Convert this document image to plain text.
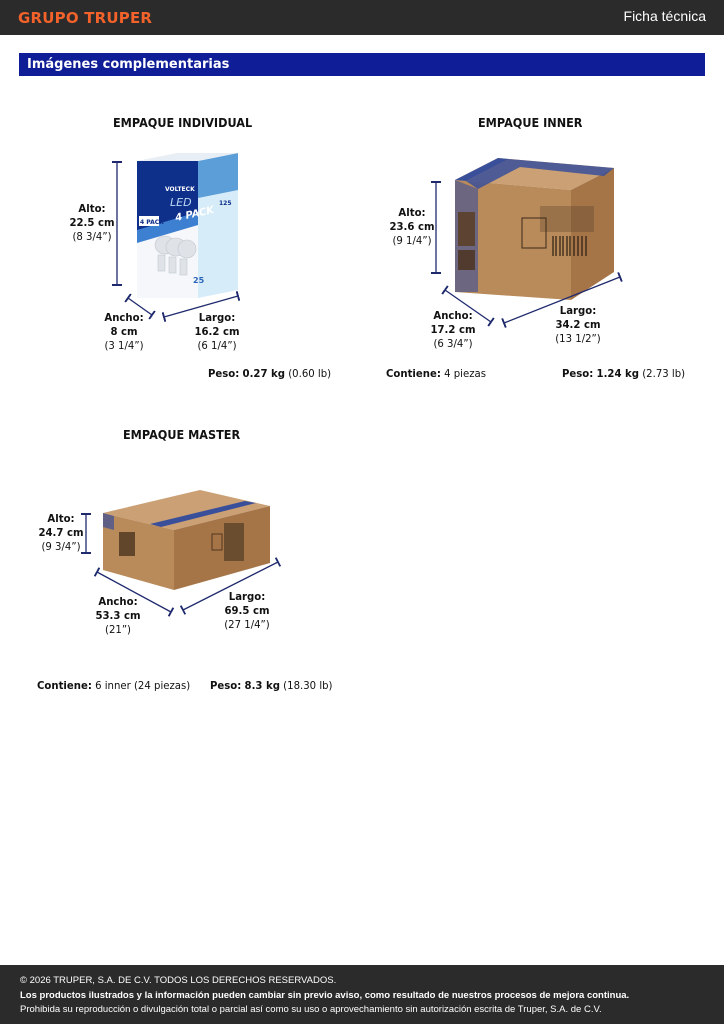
GRUPO TRUPER	Ficha técnica
Imágenes complementarias
VOLTECK
LED
4 PACK
4 PACK
125
25
EMPAQUE INDIVIDUAL
Alto:
22.5 cm
(8 3/4”)
Ancho:
8 cm
(3 1/4”)
Largo:
16.2 cm
(6 1/4”)
Peso: 0.27 kg (0.60 lb)
EMPAQUE INNER
Alto:
23.6 cm
(9 1/4”)
Ancho:
17.2 cm
(6 3/4”)
Largo:
34.2 cm
(13 1/2”)
Contiene: 4 piezas	Peso: 1.24 kg (2.73 lb)
EMPAQUE MASTER
Alto:
24.7 cm
(9 3/4”)
Ancho:
53.3 cm
(21”)
Largo:
69.5 cm
(27 1/4”)
Contiene: 6 inner (24 piezas) Peso: 8.3 kg (18.30 lb)
© 2026 TRUPER, S.A. DE C.V. TODOS LOS DERECHOS RESERVADOS.
Los productos ilustrados y la información pueden cambiar sin previo aviso, como resultado de nuestros procesos de mejora continua.
Prohibida su reproducción o divulgación total o parcial así como su uso o aprovechamiento sin autorización escrita de Truper, S.A. de C.V.
